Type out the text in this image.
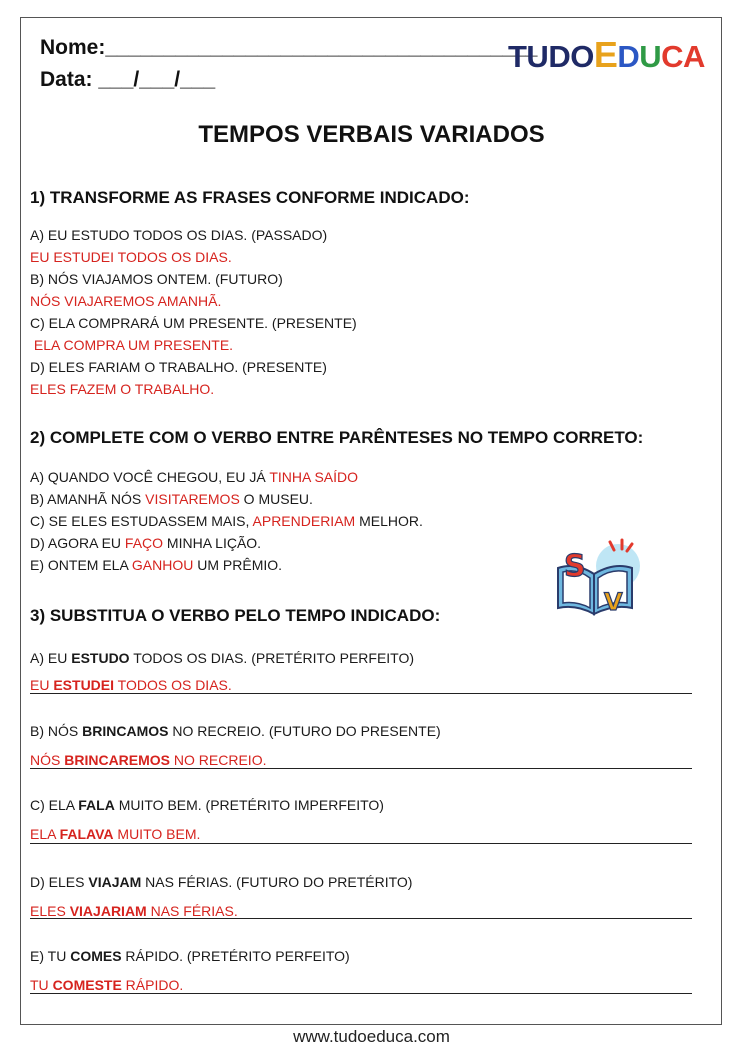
Nome:_____________________________________
Data: ___/___/___
TUDOEDUCA
TEMPOS VERBAIS VARIADOS
1) TRANSFORME AS FRASES CONFORME INDICADO:
A) EU ESTUDO TODOS OS DIAS. (PASSADO)
EU ESTUDEI TODOS OS DIAS.
B) NÓS VIAJAMOS ONTEM. (FUTURO)
NÓS VIAJAREMOS AMANHÃ.
C) ELA COMPRARÁ UM PRESENTE. (PRESENTE)
ELA COMPRA UM PRESENTE.
D) ELES FARIAM O TRABALHO. (PRESENTE)
ELES FAZEM O TRABALHO.
2) COMPLETE COM O VERBO ENTRE PARÊNTESES NO TEMPO CORRETO:
A) QUANDO VOCÊ CHEGOU, EU JÁ TINHA SAÍDO
B) AMANHÃ NÓS VISITAREMOS O MUSEU.
C) SE ELES ESTUDASSEM MAIS, APRENDERIAM MELHOR.
D) AGORA EU FAÇO MINHA LIÇÃO.
E) ONTEM ELA GANHOU UM PRÊMIO.	S
V
3) SUBSTITUA O VERBO PELO TEMPO INDICADO:
A) EU ESTUDO TODOS OS DIAS. (PRETÉRITO PERFEITO)
EU ESTUDEI TODOS OS DIAS.
B) NÓS BRINCAMOS NO RECREIO. (FUTURO DO PRESENTE)
NÓS BRINCAREMOS NO RECREIO.
C) ELA FALA MUITO BEM. (PRETÉRITO IMPERFEITO)
ELA FALAVA MUITO BEM.
D) ELES VIAJAM NAS FÉRIAS. (FUTURO DO PRETÉRITO)
ELES VIAJARIAM NAS FÉRIAS.
E) TU COMES RÁPIDO. (PRETÉRITO PERFEITO)
TU COMESTE RÁPIDO.
www.tudoeduca.com
